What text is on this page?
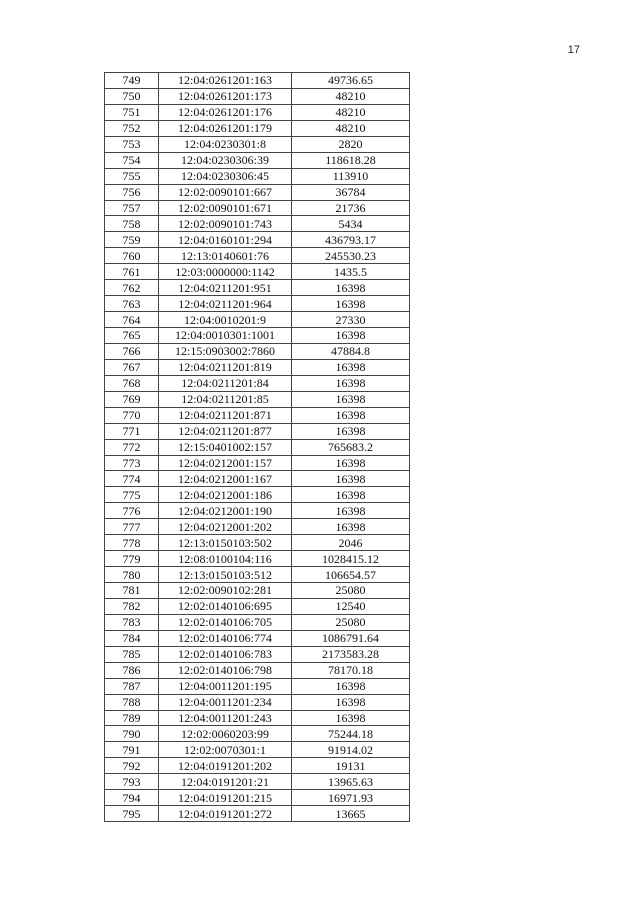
17
749	12:04:0261201:163	49736.65
750	12:04:0261201:173	48210
751	12:04:0261201:176	48210
752	12:04:0261201:179	48210
753	12:04:0230301:8	2820
754	12:04:0230306:39	118618.28
755	12:04:0230306:45	113910
756	12:02:0090101:667	36784
757	12:02:0090101:671	21736
758	12:02:0090101:743	5434
759	12:04:0160101:294	436793.17
760	12:13:0140601:76	245530.23
761	12:03:0000000:1142	1435.5
762	12:04:0211201:951	16398
763	12:04:0211201:964	16398
764	12:04:0010201:9	27330
765	12:04:0010301:1001	16398
766	12:15:0903002:7860	47884.8
767	12:04:0211201:819	16398
768	12:04:0211201:84	16398
769	12:04:0211201:85	16398
770	12:04:0211201:871	16398
771	12:04:0211201:877	16398
772	12:15:0401002:157	765683.2
773	12:04:0212001:157	16398
774	12:04:0212001:167	16398
775	12:04:0212001:186	16398
776	12:04:0212001:190	16398
777	12:04:0212001:202	16398
778	12:13:0150103:502	2046
779	12:08:0100104:116	1028415.12
780	12:13:0150103:512	106654.57
781	12:02:0090102:281	25080
782	12:02:0140106:695	12540
783	12:02:0140106:705	25080
784	12:02:0140106:774	1086791.64
785	12:02:0140106:783	2173583.28
786	12:02:0140106:798	78170.18
787	12:04:0011201:195	16398
788	12:04:0011201:234	16398
789	12:04:0011201:243	16398
790	12:02:0060203:99	75244.18
791	12:02:0070301:1	91914.02
792	12:04:0191201:202	19131
793	12:04:0191201:21	13965.63
794	12:04:0191201:215	16971.93
795	12:04:0191201:272	13665
